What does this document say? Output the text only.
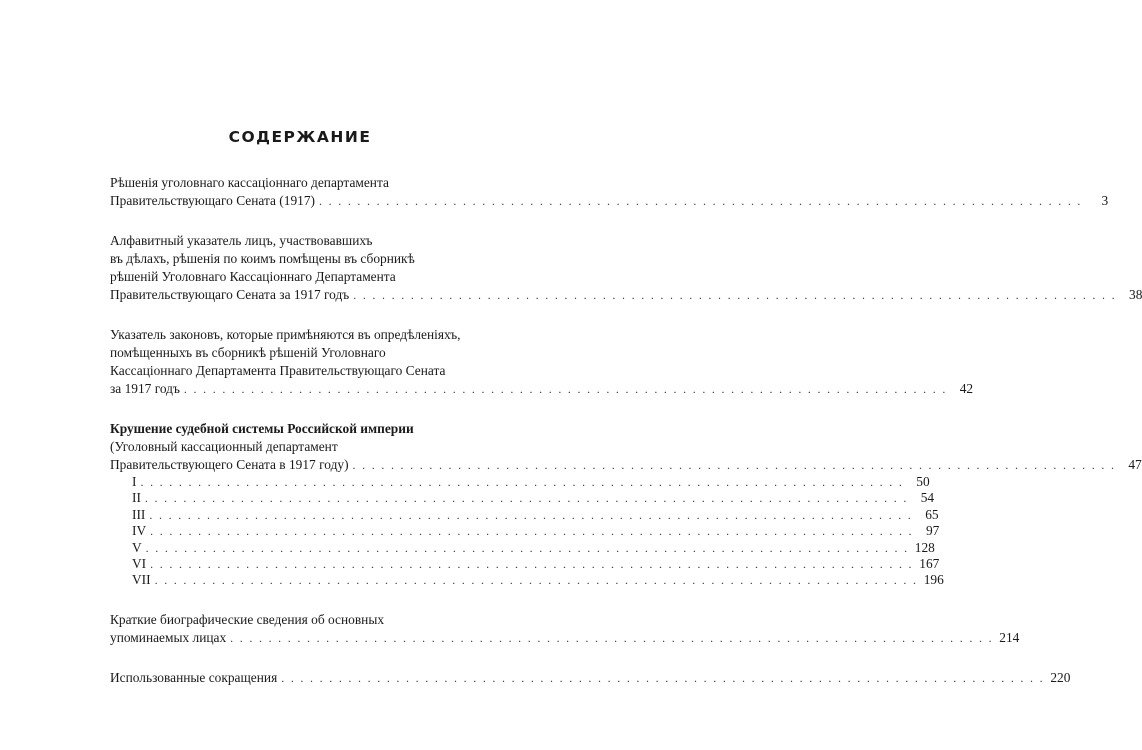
СОДЕРЖАНИЕ
Рѣшенія уголовнаго кассаціоннаго департамента
Правительствующаго Сената (1917) . . . . . . . . . . . . . . . . . . . . . . . . . . . . . . . . . . . . . . . . . . . . . . . . . . . . . . . . . . . . . . . . . . . . . . . . . . . . . . . .	3
Алфавитный указатель лицъ, участвовавшихъ
въ дѣлахъ, рѣшенія по коимъ помѣщены въ сборникѣ
рѣшеній Уголовнаго Кассаціоннаго Департамента
Правительствующаго Сената за 1917 годъ . . . . . . . . . . . . . . . . . . . . . . . . . . . . . . . . . . . . . . . . . . . . . . . . . . . . . . . . . . . . . . . . . . . . . . . . . . . . . . . . 38
Указатель законовъ, которые примѣняются въ опредѣленіяхъ,
помѣщенныхъ въ сборникѣ рѣшеній Уголовнаго
Кассаціоннаго Департамента Правительствующаго Сената
за 1917 годъ . . . . . . . . . . . . . . . . . . . . . . . . . . . . . . . . . . . . . . . . . . . . . . . . . . . . . . . . . . . . . . . . . . . . . . . . . . . . . . . . 42
Крушение судебной системы Российской империи
(Уголовный кассационный департамент
Правительствующего Сената в 1917 году) . . . . . . . . . . . . . . . . . . . . . . . . . . . . . . . . . . . . . . . . . . . . . . . . . . . . . . . . . . . . . . . . . . . . . . . . . . . . . . . . 47
I . . . . . . . . . . . . . . . . . . . . . . . . . . . . . . . . . . . . . . . . . . . . . . . . . . . . . . . . . . . . . . . . . . . . . . . . . . . . . . . . 50
II . . . . . . . . . . . . . . . . . . . . . . . . . . . . . . . . . . . . . . . . . . . . . . . . . . . . . . . . . . . . . . . . . . . . . . . . . . . . . . . . 54
III . . . . . . . . . . . . . . . . . . . . . . . . . . . . . . . . . . . . . . . . . . . . . . . . . . . . . . . . . . . . . . . . . . . . . . . . . . . . . . . . 65
IV . . . . . . . . . . . . . . . . . . . . . . . . . . . . . . . . . . . . . . . . . . . . . . . . . . . . . . . . . . . . . . . . . . . . . . . . . . . . . . . . 97
V . . . . . . . . . . . . . . . . . . . . . . . . . . . . . . . . . . . . . . . . . . . . . . . . . . . . . . . . . . . . . . . . . . . . . . . . . . . . . . . . 128
VI . . . . . . . . . . . . . . . . . . . . . . . . . . . . . . . . . . . . . . . . . . . . . . . . . . . . . . . . . . . . . . . . . . . . . . . . . . . . . . . . 167
VII . . . . . . . . . . . . . . . . . . . . . . . . . . . . . . . . . . . . . . . . . . . . . . . . . . . . . . . . . . . . . . . . . . . . . . . . . . . . . . . . 196
Краткие биографические сведения об основных
упоминаемых лицах . . . . . . . . . . . . . . . . . . . . . . . . . . . . . . . . . . . . . . . . . . . . . . . . . . . . . . . . . . . . . . . . . . . . . . . . . . . . . . . . 214
Использованные сокращения . . . . . . . . . . . . . . . . . . . . . . . . . . . . . . . . . . . . . . . . . . . . . . . . . . . . . . . . . . . . . . . . . . . . . . . . . . . . . . . . 220
